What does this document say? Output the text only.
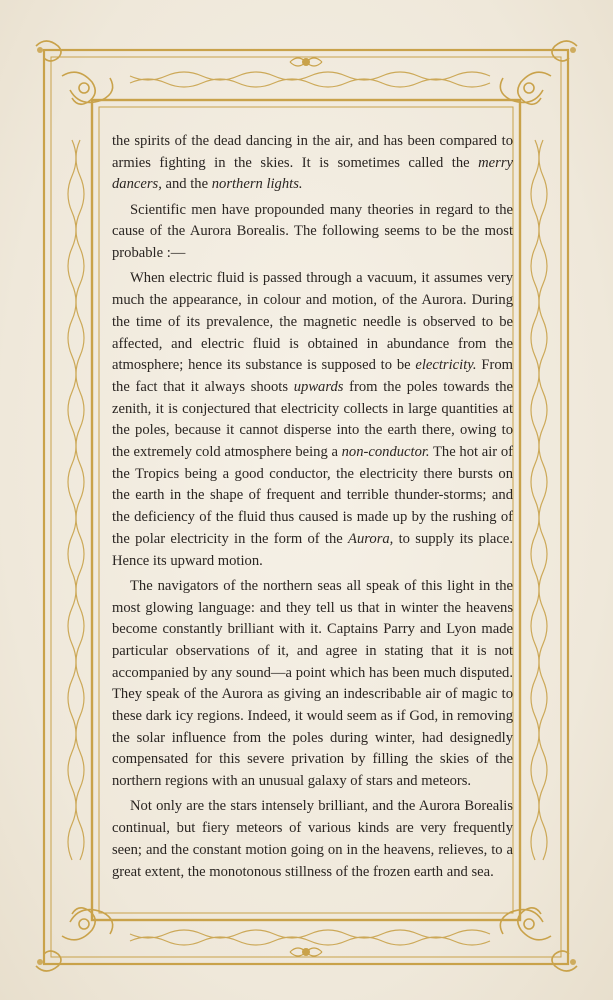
the spirits of the dead dancing in the air, and has been compared to armies fighting in the skies. It is sometimes called the merry dancers, and the northern lights.

Scientific men have propounded many theories in regard to the cause of the Aurora Borealis. The following seems to be the most probable :—

When electric fluid is passed through a vacuum, it assumes very much the appearance, in colour and motion, of the Aurora. During the time of its prevalence, the magnetic needle is observed to be affected, and electric fluid is obtained in abundance from the atmosphere; hence its substance is supposed to be electricity. From the fact that it always shoots upwards from the poles towards the zenith, it is conjectured that electricity collects in large quantities at the poles, because it cannot disperse into the earth there, owing to the extremely cold atmosphere being a non-conductor. The hot air of the Tropics being a good conductor, the electricity there bursts on the earth in the shape of frequent and terrible thunder-storms; and the deficiency of the fluid thus caused is made up by the rushing of the polar electricity in the form of the Aurora, to supply its place. Hence its upward motion.

The navigators of the northern seas all speak of this light in the most glowing language: and they tell us that in winter the heavens become constantly brilliant with it. Captains Parry and Lyon made particular observations of it, and agree in stating that it is not accompanied by any sound—a point which has been much disputed. They speak of the Aurora as giving an indescribable air of magic to these dark icy regions. Indeed, it would seem as if God, in removing the solar influence from the poles during winter, had designedly compensated for this severe privation by filling the skies of the northern regions with an unusual galaxy of stars and meteors.

Not only are the stars intensely brilliant, and the Aurora Borealis continual, but fiery meteors of various kinds are very frequently seen; and the constant motion going on in the heavens, relieves, to a great extent, the monotonous stillness of the frozen earth and sea.
